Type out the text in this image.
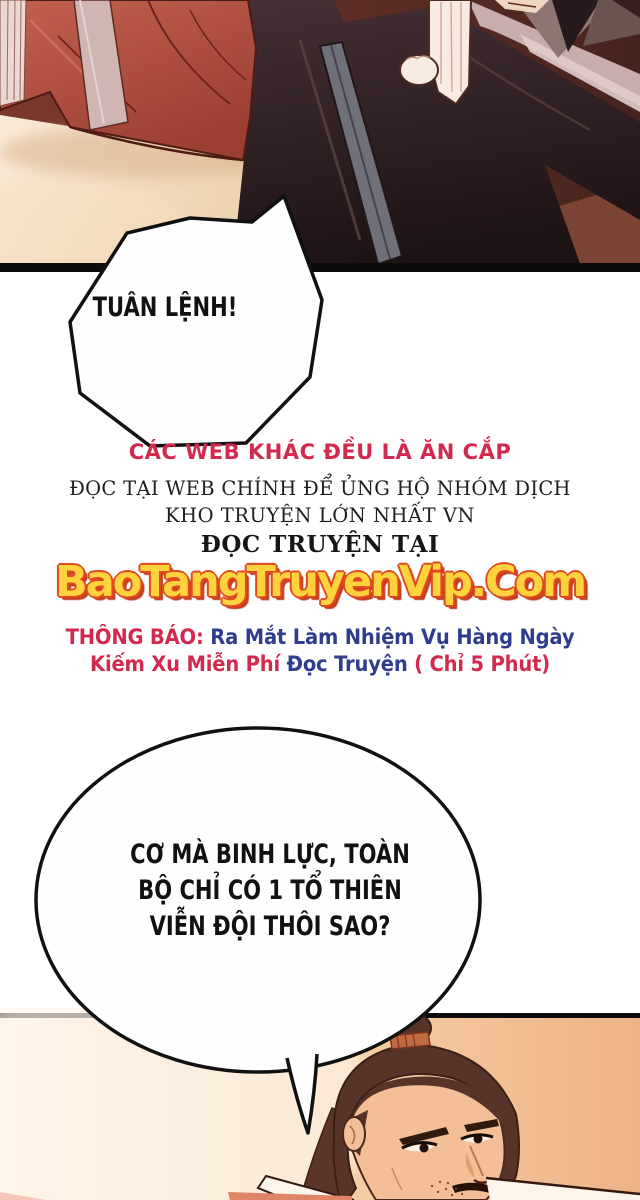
TUÂN LỆNH!
CÁC WEB KHÁC ĐỀU LÀ ĂN CẮP
ĐỌC TẠI WEB CHÍNH ĐỂ ỦNG HỘ NHÓM DỊCH
KHO TRUYỆN LỚN NHẤT VN
ĐỌC TRUYỆN TẠI
BaoTangTruyenVip.Com
THÔNG BÁO: Ra Mắt Làm Nhiệm Vụ Hàng Ngày
Kiếm Xu Miễn Phí Đọc Truyện ( Chỉ 5 Phút)
CƠ MÀ BINH LỰC, TOÀN
BỘ CHỈ CÓ 1 TỔ THIÊN
VIỄN ĐỘI THÔI SAO?
